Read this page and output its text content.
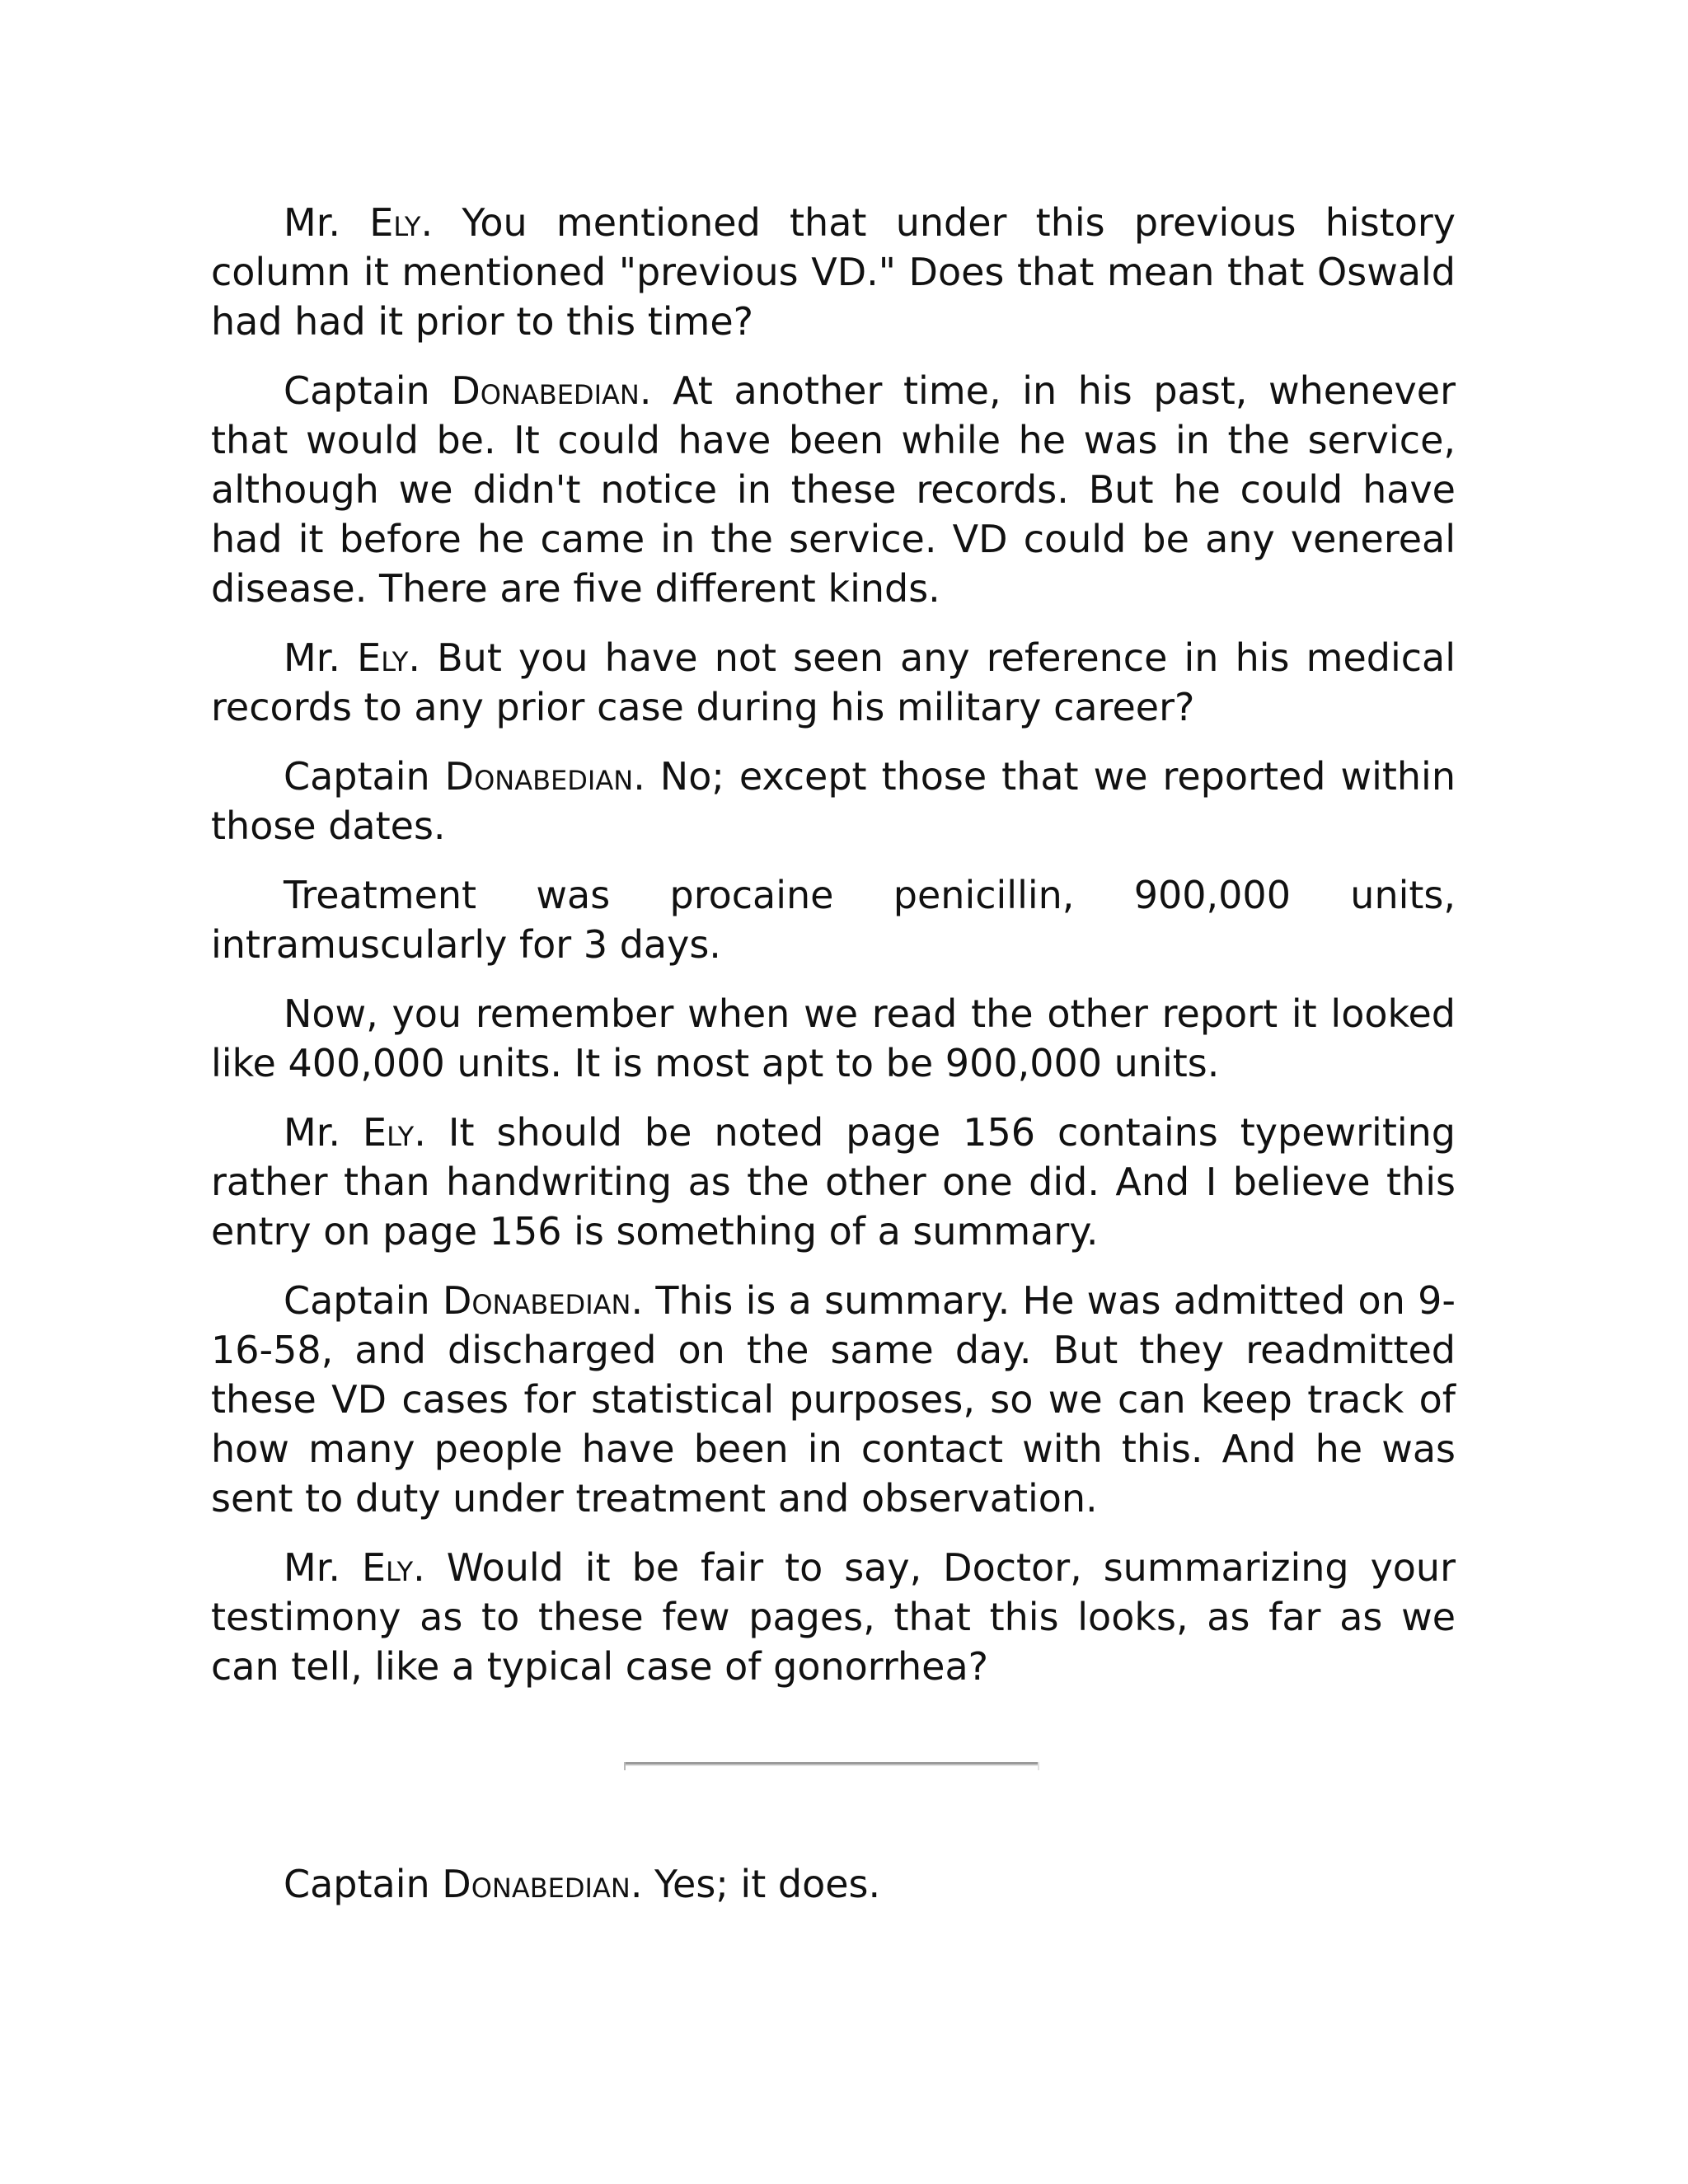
Mr. Ely. You mentioned that under this previous history column it mentioned "previous VD." Does that mean that Oswald had had it prior to this time?

Captain Donabedian. At another time, in his past, whenever that would be. It could have been while he was in the service, although we didn't notice in these records. But he could have had it before he came in the service. VD could be any venereal disease. There are five different kinds.

Mr. Ely. But you have not seen any reference in his medical records to any prior case during his military career?

Captain Donabedian. No; except those that we reported within those dates.

Treatment was procaine penicillin, 900,000 units, intramuscularly for 3 days.

Now, you remember when we read the other report it looked like 400,000 units. It is most apt to be 900,000 units.

Mr. Ely. It should be noted page 156 contains typewriting rather than handwriting as the other one did. And I believe this entry on page 156 is something of a summary.

Captain Donabedian. This is a summary. He was admitted on 9-16-58, and discharged on the same day. But they readmitted these VD cases for statistical purposes, so we can keep track of how many people have been in contact with this. And he was sent to duty under treatment and observation.

Mr. Ely. Would it be fair to say, Doctor, summarizing your testimony as to these few pages, that this looks, as far as we can tell, like a typical case of gonorrhea?

Captain Donabedian. Yes; it does.
